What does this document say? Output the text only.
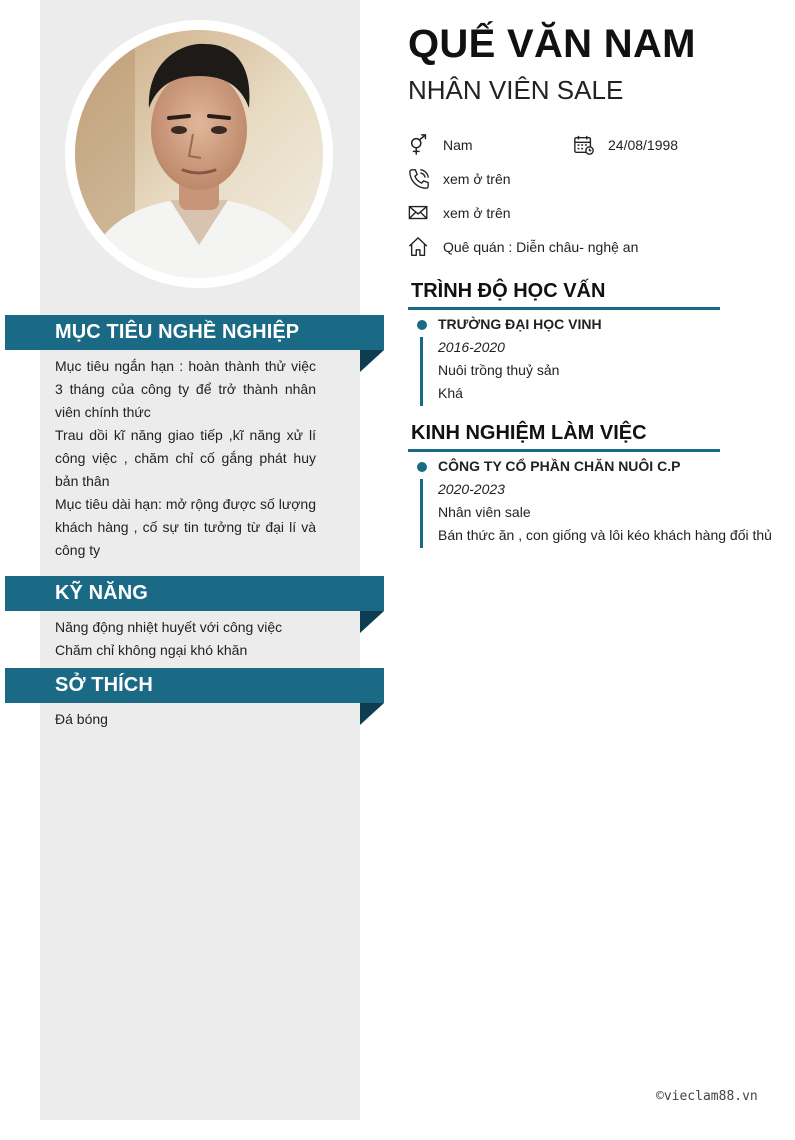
MỤC TIÊU NGHỀ NGHIỆP

Mục tiêu ngắn hạn : hoàn thành thử việc 3 tháng của công ty để trở thành nhân viên chính thức

Trau dồi kĩ năng giao tiếp ,kĩ năng xử lí công việc , chăm chỉ cố gắng phát huy bản thân

Mục tiêu dài hạn: mở rộng được số lượng khách hàng , cố sự tin tưởng từ đại lí và công ty

KỸ NĂNG

Năng động nhiệt huyết với công việc

Chăm chỉ không ngại khó khăn

SỞ THÍCH

Đá bóng

QUẾ VĂN NAM
NHÂN VIÊN SALE
Nam	24/08/1998
xem ở trên
xem ở trên
Quê quán : Diễn châu- nghệ an
TRÌNH ĐỘ HỌC VẤN
TRƯỜNG ĐẠI HỌC VINH
2016-2020
Nuôi trồng thuỷ sản
Khá
KINH NGHIỆM LÀM VIỆC
CÔNG TY CỔ PHẦN CHĂN NUÔI C.P
2020-2023
Nhân viên sale
Bán thức ăn , con giống và lôi kéo khách hàng đối thủ
©vieclam88.vn
